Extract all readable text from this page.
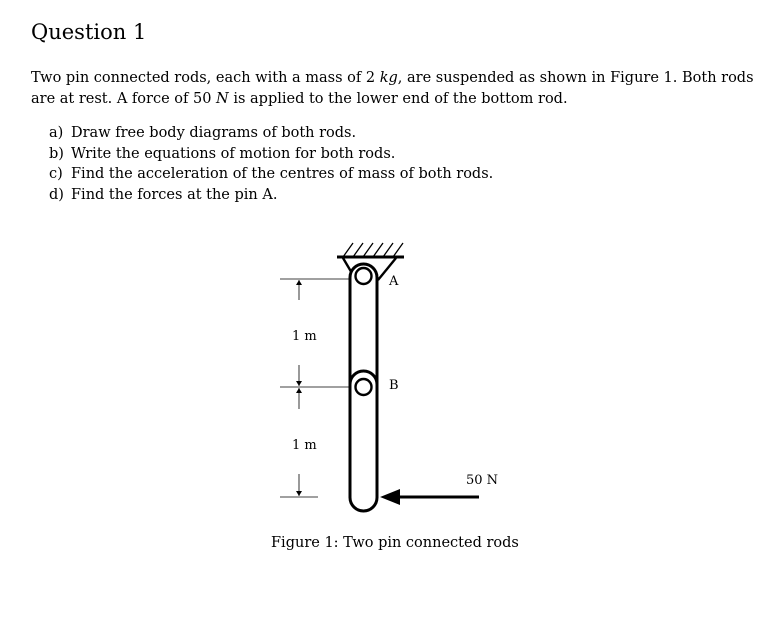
Question 1
Two pin connected rods, each with a mass of 2 kg, are suspended as shown in Figure 1. Both rods are at rest. A force of 50 N is applied to the lower end of the bottom rod.
a) Draw free body diagrams of both rods.
b) Write the equations of motion for both rods.
c) Find the acceleration of the centres of mass of both rods.
d) Find the forces at the pin A.
A
B
1 m
1 m
50 N
Figure 1: Two pin connected rods
